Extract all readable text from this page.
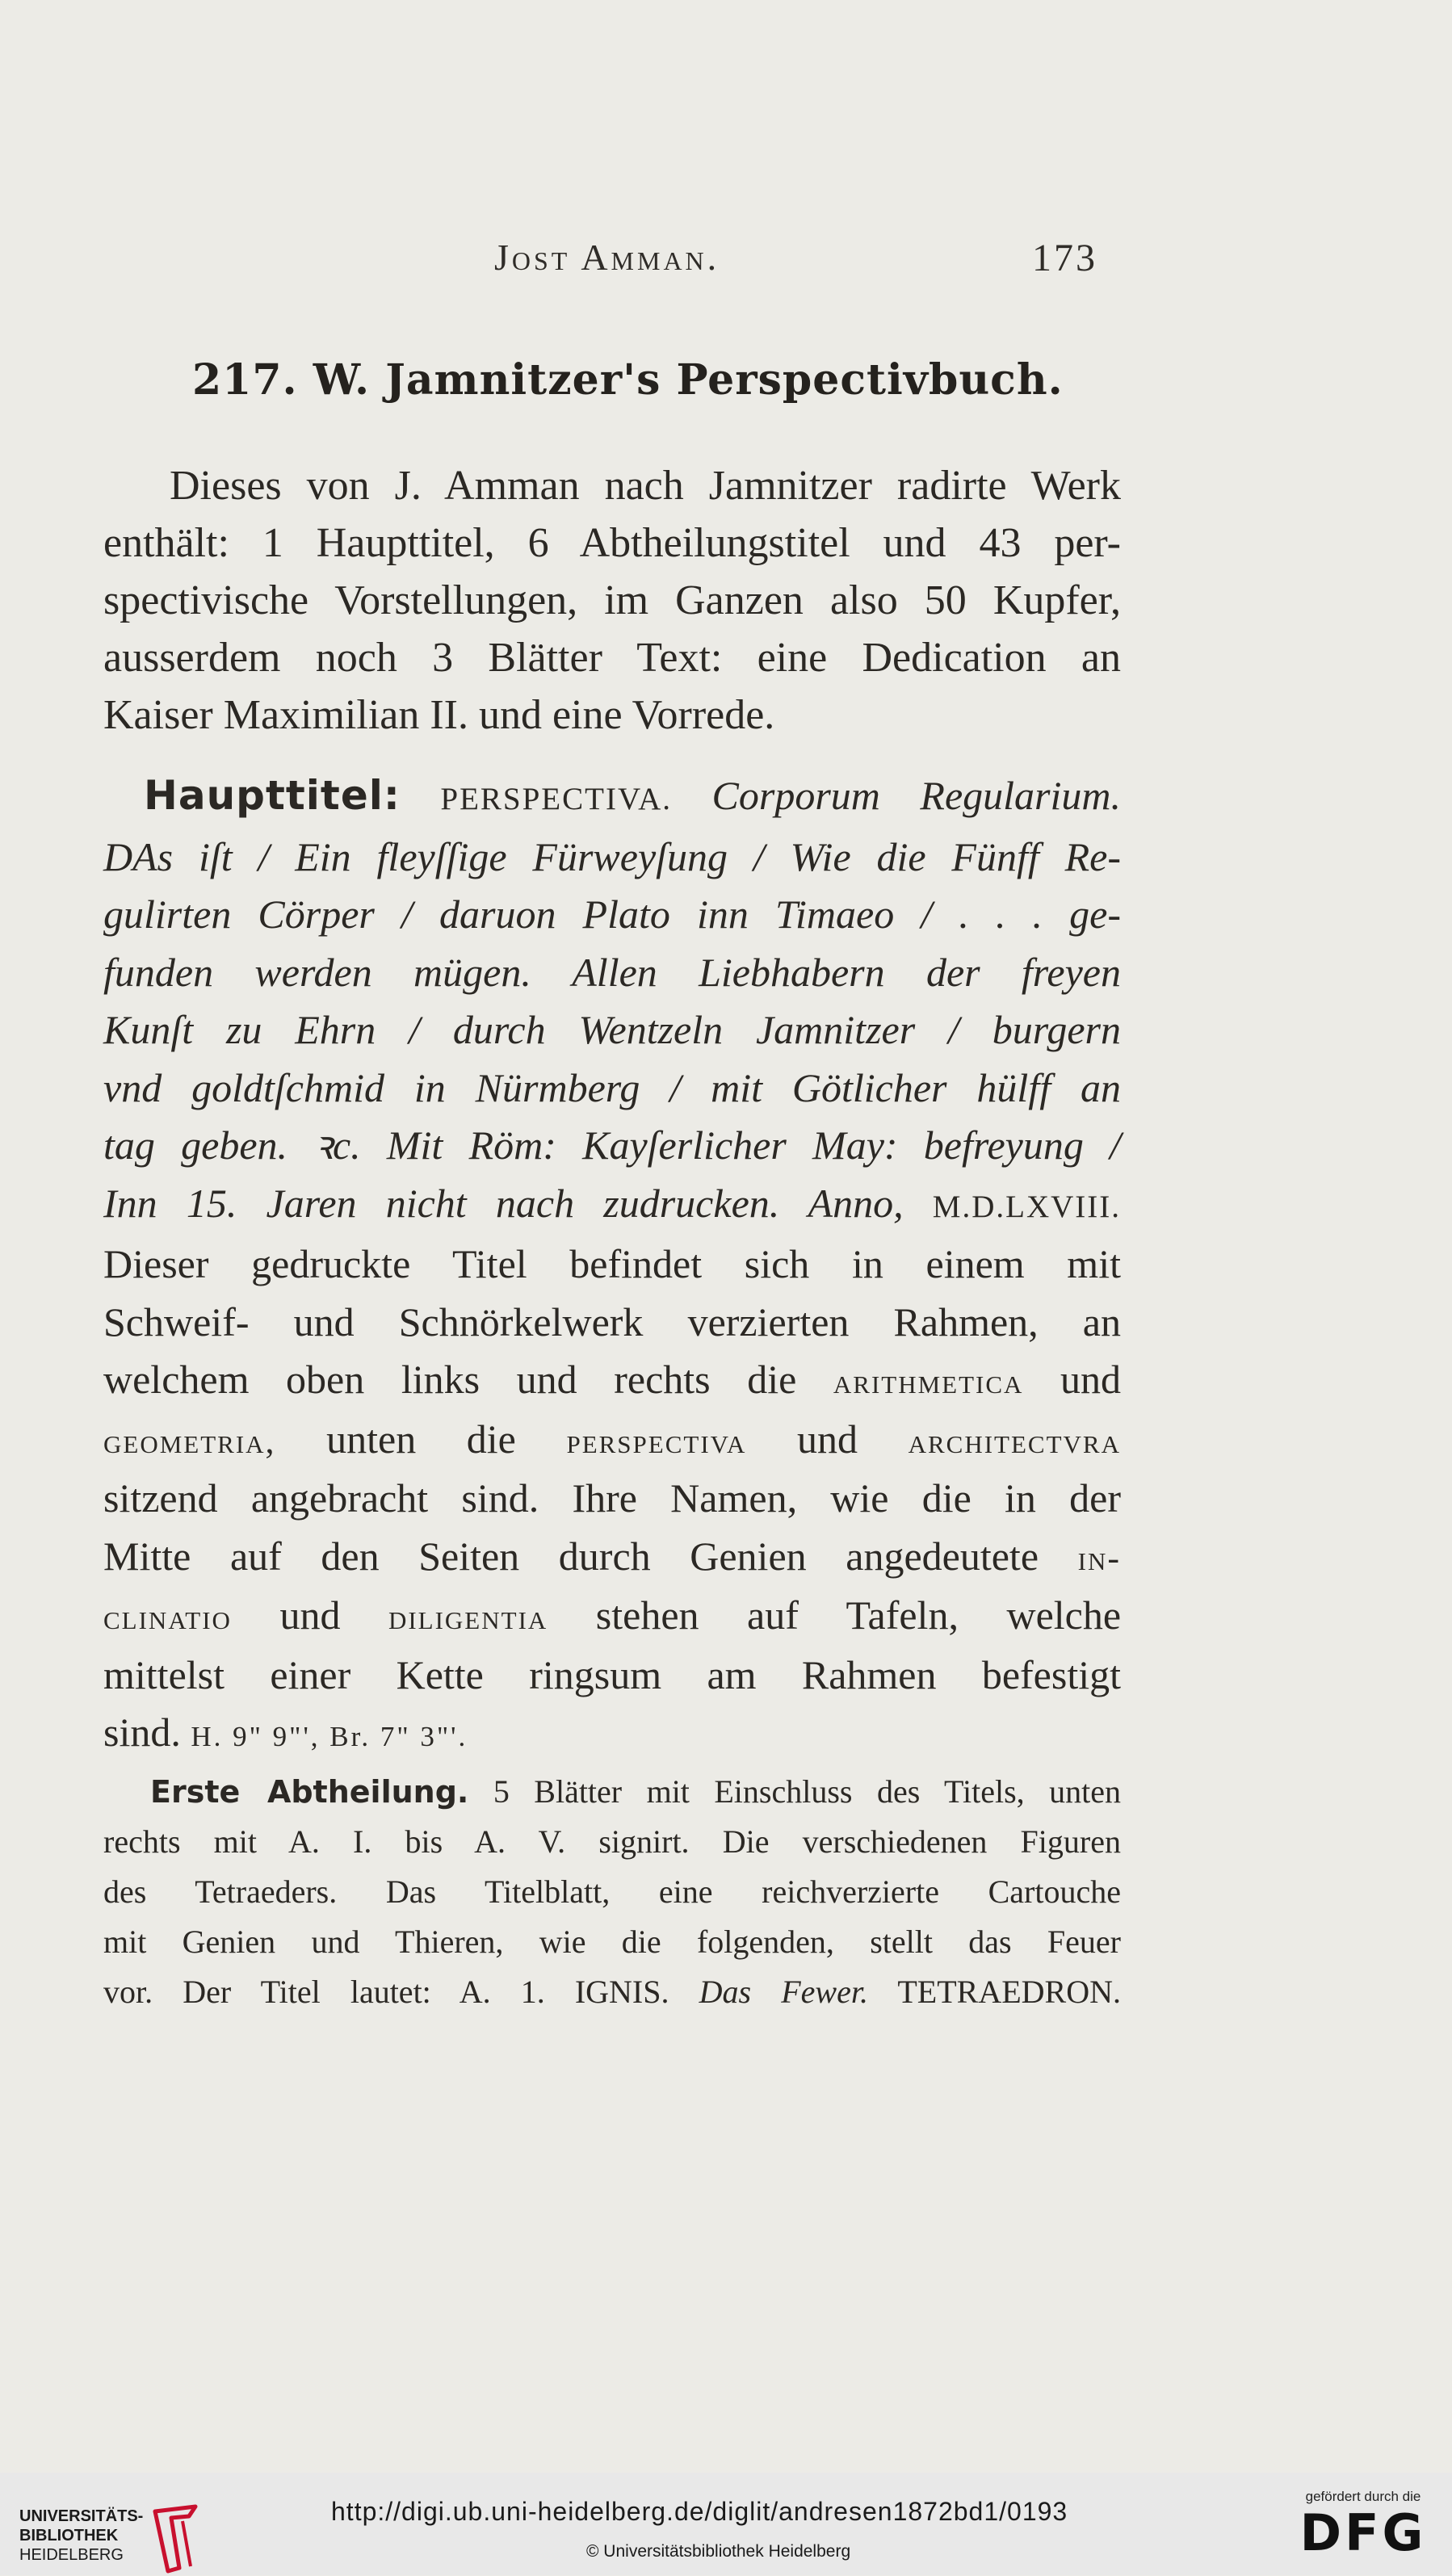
Jost Amman.	173
217. W. Jamnitzer's Perspectivbuch.
Dieses von J. Amman nach Jamnitzer radirte Werk
enthält: 1 Haupttitel, 6 Abtheilungstitel und 43 per-
spectivische Vorstellungen, im Ganzen also 50 Kupfer,
ausserdem noch 3 Blätter Text: eine Dedication an
Kaiser Maximilian II. und eine Vorrede.
Haupttitel: PERSPECTIVA. Corporum Regularium.
DAs iſt / Ein fleyſſige Fürweyſung / Wie die Fünff Re-
gulirten Cörper / daruon Plato inn Timaeo / . . . ge-
funden werden mügen. Allen Liebhabern der freyen
Kunſt zu Ehrn / durch Wentzeln Jamnitzer / burgern
vnd goldtſchmid in Nürmberg / mit Götlicher hülff an
tag geben. ꝛc. Mit Röm: Kayſerlicher May: befreyung /
Inn 15. Jaren nicht nach zudrucken. Anno, M.D.LXVIII.
Dieser gedruckte Titel befindet sich in einem mit
Schweif- und Schnörkelwerk verzierten Rahmen, an
welchem oben links und rechts die arithmetica und
geometria, unten die perspectiva und architectvra
sitzend angebracht sind. Ihre Namen, wie die in der
Mitte auf den Seiten durch Genien angedeutete in-
clinatio und diligentia stehen auf Tafeln, welche
mittelst einer Kette ringsum am Rahmen befestigt
sind. H. 9" 9"', Br. 7" 3"'.
Erste Abtheilung. 5 Blätter mit Einschluss des Titels, unten
rechts mit A. I. bis A. V. signirt. Die verschiedenen Figuren
des Tetraeders. Das Titelblatt, eine reichverzierte Cartouche
mit Genien und Thieren, wie die folgenden, stellt das Feuer
vor. Der Titel lautet: A. 1. IGNIS. Das Fewer. TETRAEDRON.
UNIVERSITÄTS-
BIBLIOTHEK
HEIDELBERG
http://digi.ub.uni-heidelberg.de/diglit/andresen1872bd1/0193
© Universitätsbibliothek Heidelberg
gefördert durch die
DFG
